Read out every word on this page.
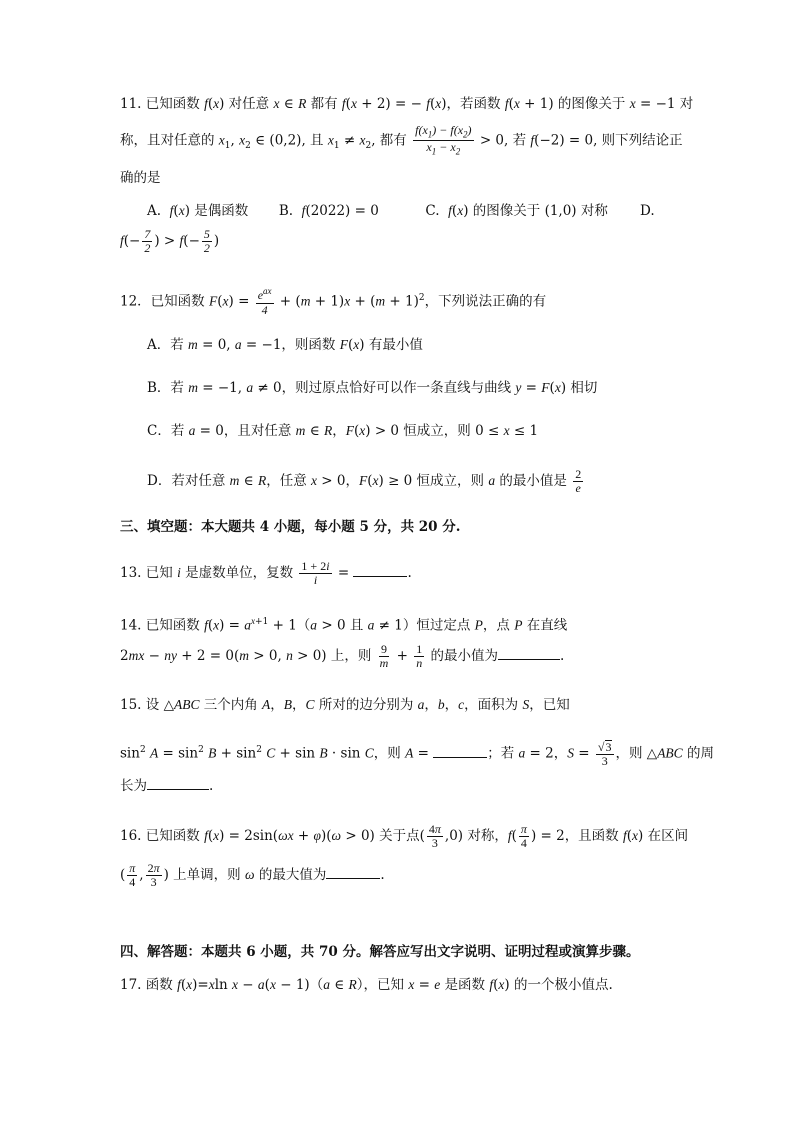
11. 已知函数 f(x) 对任意 x ∈ R 都有 f(x + 2) = − f(x)，若函数 f(x + 1) 的图像关于 x = −1 对
称，且对任意的 $x_1$, $x_2$ ∈ (0,2), 且 $x_1 \ne x_2$, 都有 $\frac{f(x_1) - f(x_2)}{x_1 - x_2} > 0$, 若 f(−2) = 0, 则下列结论正
确的是
A. f(x) 是偶函数 B. f(2022) = 0	C. f(x) 的图像关于 (1,0) 对称	D.
$f(- \frac{7}{2}$ ) > $f(- \frac{5}{2}$ )
12．已知函数 $F(x) = \frac{e^{ax}}{4} + (m + 1)x + (m + 1)^2$，下列说法正确的有
A．若 m = 0, a = −1，则函数 F(x) 有最小值
B．若 m = −1, a ≠ 0，则过原点恰好可以作一条直线与曲线 y = F(x) 相切
C．若 a = 0，且对任意 m ∈ R，F(x) > 0 恒成立，则 0 ≤ x ≤ 1
D．若对任意 m ∈ R，任意 x > 0，F(x) ≥ 0 恒成立，则 a 的最小值是 $\frac{2}{e}$
三、填空题：本大题共 4 小题，每小题 5 分，共 20 分.
13. 已知 i 是虚数单位，复数 $\frac{1 + 2i}{i}$ =	.
14. 已知函数 $f(x) = a^{x+1} + 1(a > 0$ 且 a ≠ 1）恒过定点 P，点 P 在直线
2mx − ny + 2 = 0(m > 0, n > 0) 上，则 $\frac{9}{m} + \frac{1}{n}$ 的最小值为	.
15. 设 △ABC 三个内角 A，B，C 所对的边分别为 a，b，c，面积为 S，已知
$\sin^2 A = \sin^2 B + \sin^2 C + \sin B \cdot \sin C$，则 A =	；若 a = 2，$S = \frac{√3}{3}$ ，则 △ABC 的周
长为	.
16. 已知函数 f(x) = 2sin(ωx + φ)(ω > 0) 关于点( $\frac{4\pi}{3} ,0$) 对称，$f( \frac{\pi}{4}$ ) = 2，且函数 f(x) 在区间
( $\frac{\pi}{4}$ , $\frac{2\pi}{3}$ ) 上单调，则 ω 的最大值为	.
四、解答题：本题共 6 小题，共 70 分。解答应写出文字说明、证明过程或演算步骤。
17. 函数 f(x)=xln x − a(x − 1)（a ∈ R），已知 x = e 是函数 f(x) 的一个极小值点.
